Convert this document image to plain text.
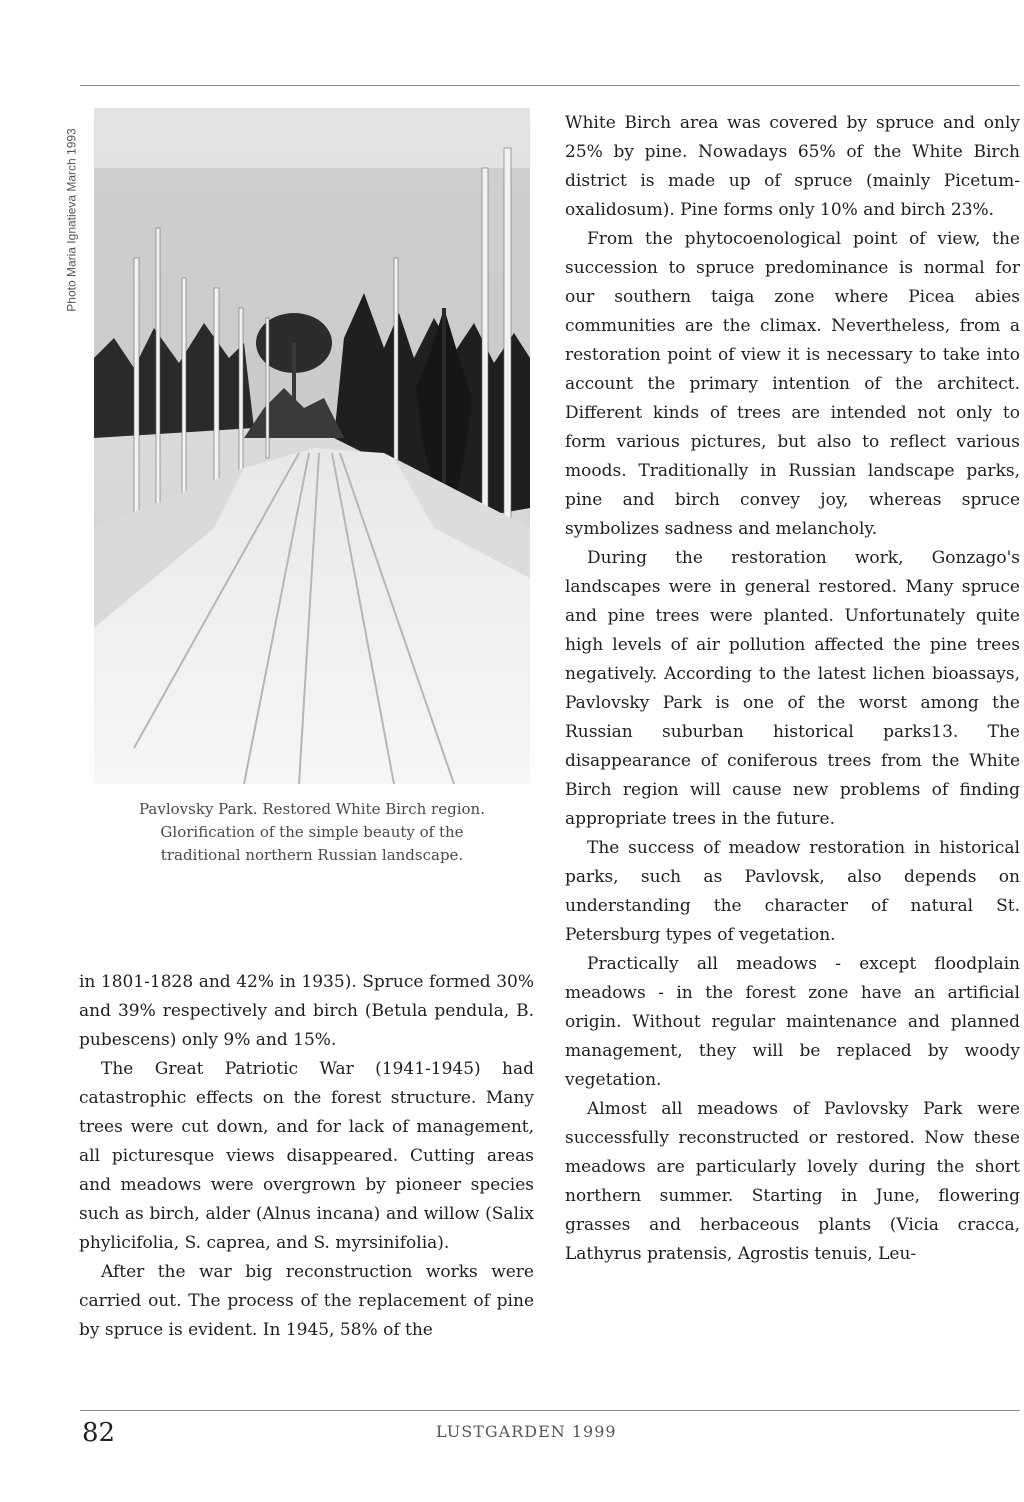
Photo Maria Ignatieva March 1993
Pavlovsky Park. Restored White Birch region.
Glorification of the simple beauty of the
traditional northern Russian landscape.

in 1801-1828 and 42% in 1935). Spruce formed 30% and 39% respectively and birch (Betula pendula, B. pubescens) only 9% and 15%.

The Great Patriotic War (1941-1945) had catastrophic effects on the forest structure. Many trees were cut down, and for lack of management, all picturesque views disappeared. Cutting areas and meadows were overgrown by pioneer species such as birch, alder (Alnus incana) and willow (Salix phylicifolia, S. caprea, and S. myrsinifolia).

After the war big reconstruction works were carried out. The process of the replacement of pine by spruce is evident. In 1945, 58% of the

White Birch area was covered by spruce and only 25% by pine. Nowadays 65% of the White Birch district is made up of spruce (mainly Picetum-oxalidosum). Pine forms only 10% and birch 23%.

From the phytocoenological point of view, the succession to spruce predominance is normal for our southern taiga zone where Picea abies communities are the climax. Nevertheless, from a restoration point of view it is necessary to take into account the primary intention of the architect. Different kinds of trees are intended not only to form various pictures, but also to reflect various moods. Traditionally in Russian landscape parks, pine and birch convey joy, whereas spruce symbolizes sadness and melancholy.

During the restoration work, Gonzago's landscapes were in general restored. Many spruce and pine trees were planted. Unfortunately quite high levels of air pollution affected the pine trees negatively. According to the latest lichen bioassays, Pavlovsky Park is one of the worst among the Russian suburban historical parks13. The disappearance of coniferous trees from the White Birch region will cause new problems of finding appropriate trees in the future.

The success of meadow restoration in historical parks, such as Pavlovsk, also depends on understanding the character of natural St. Petersburg types of vegetation.

Practically all meadows - except floodplain meadows - in the forest zone have an artificial origin. Without regular maintenance and planned management, they will be replaced by woody vegetation.

Almost all meadows of Pavlovsky Park were successfully reconstructed or restored. Now these meadows are particularly lovely during the short northern summer. Starting in June, flowering grasses and herbaceous plants (Vicia cracca, Lathyrus pratensis, Agrostis tenuis, Leu-

82	LUSTGARDEN 1999
